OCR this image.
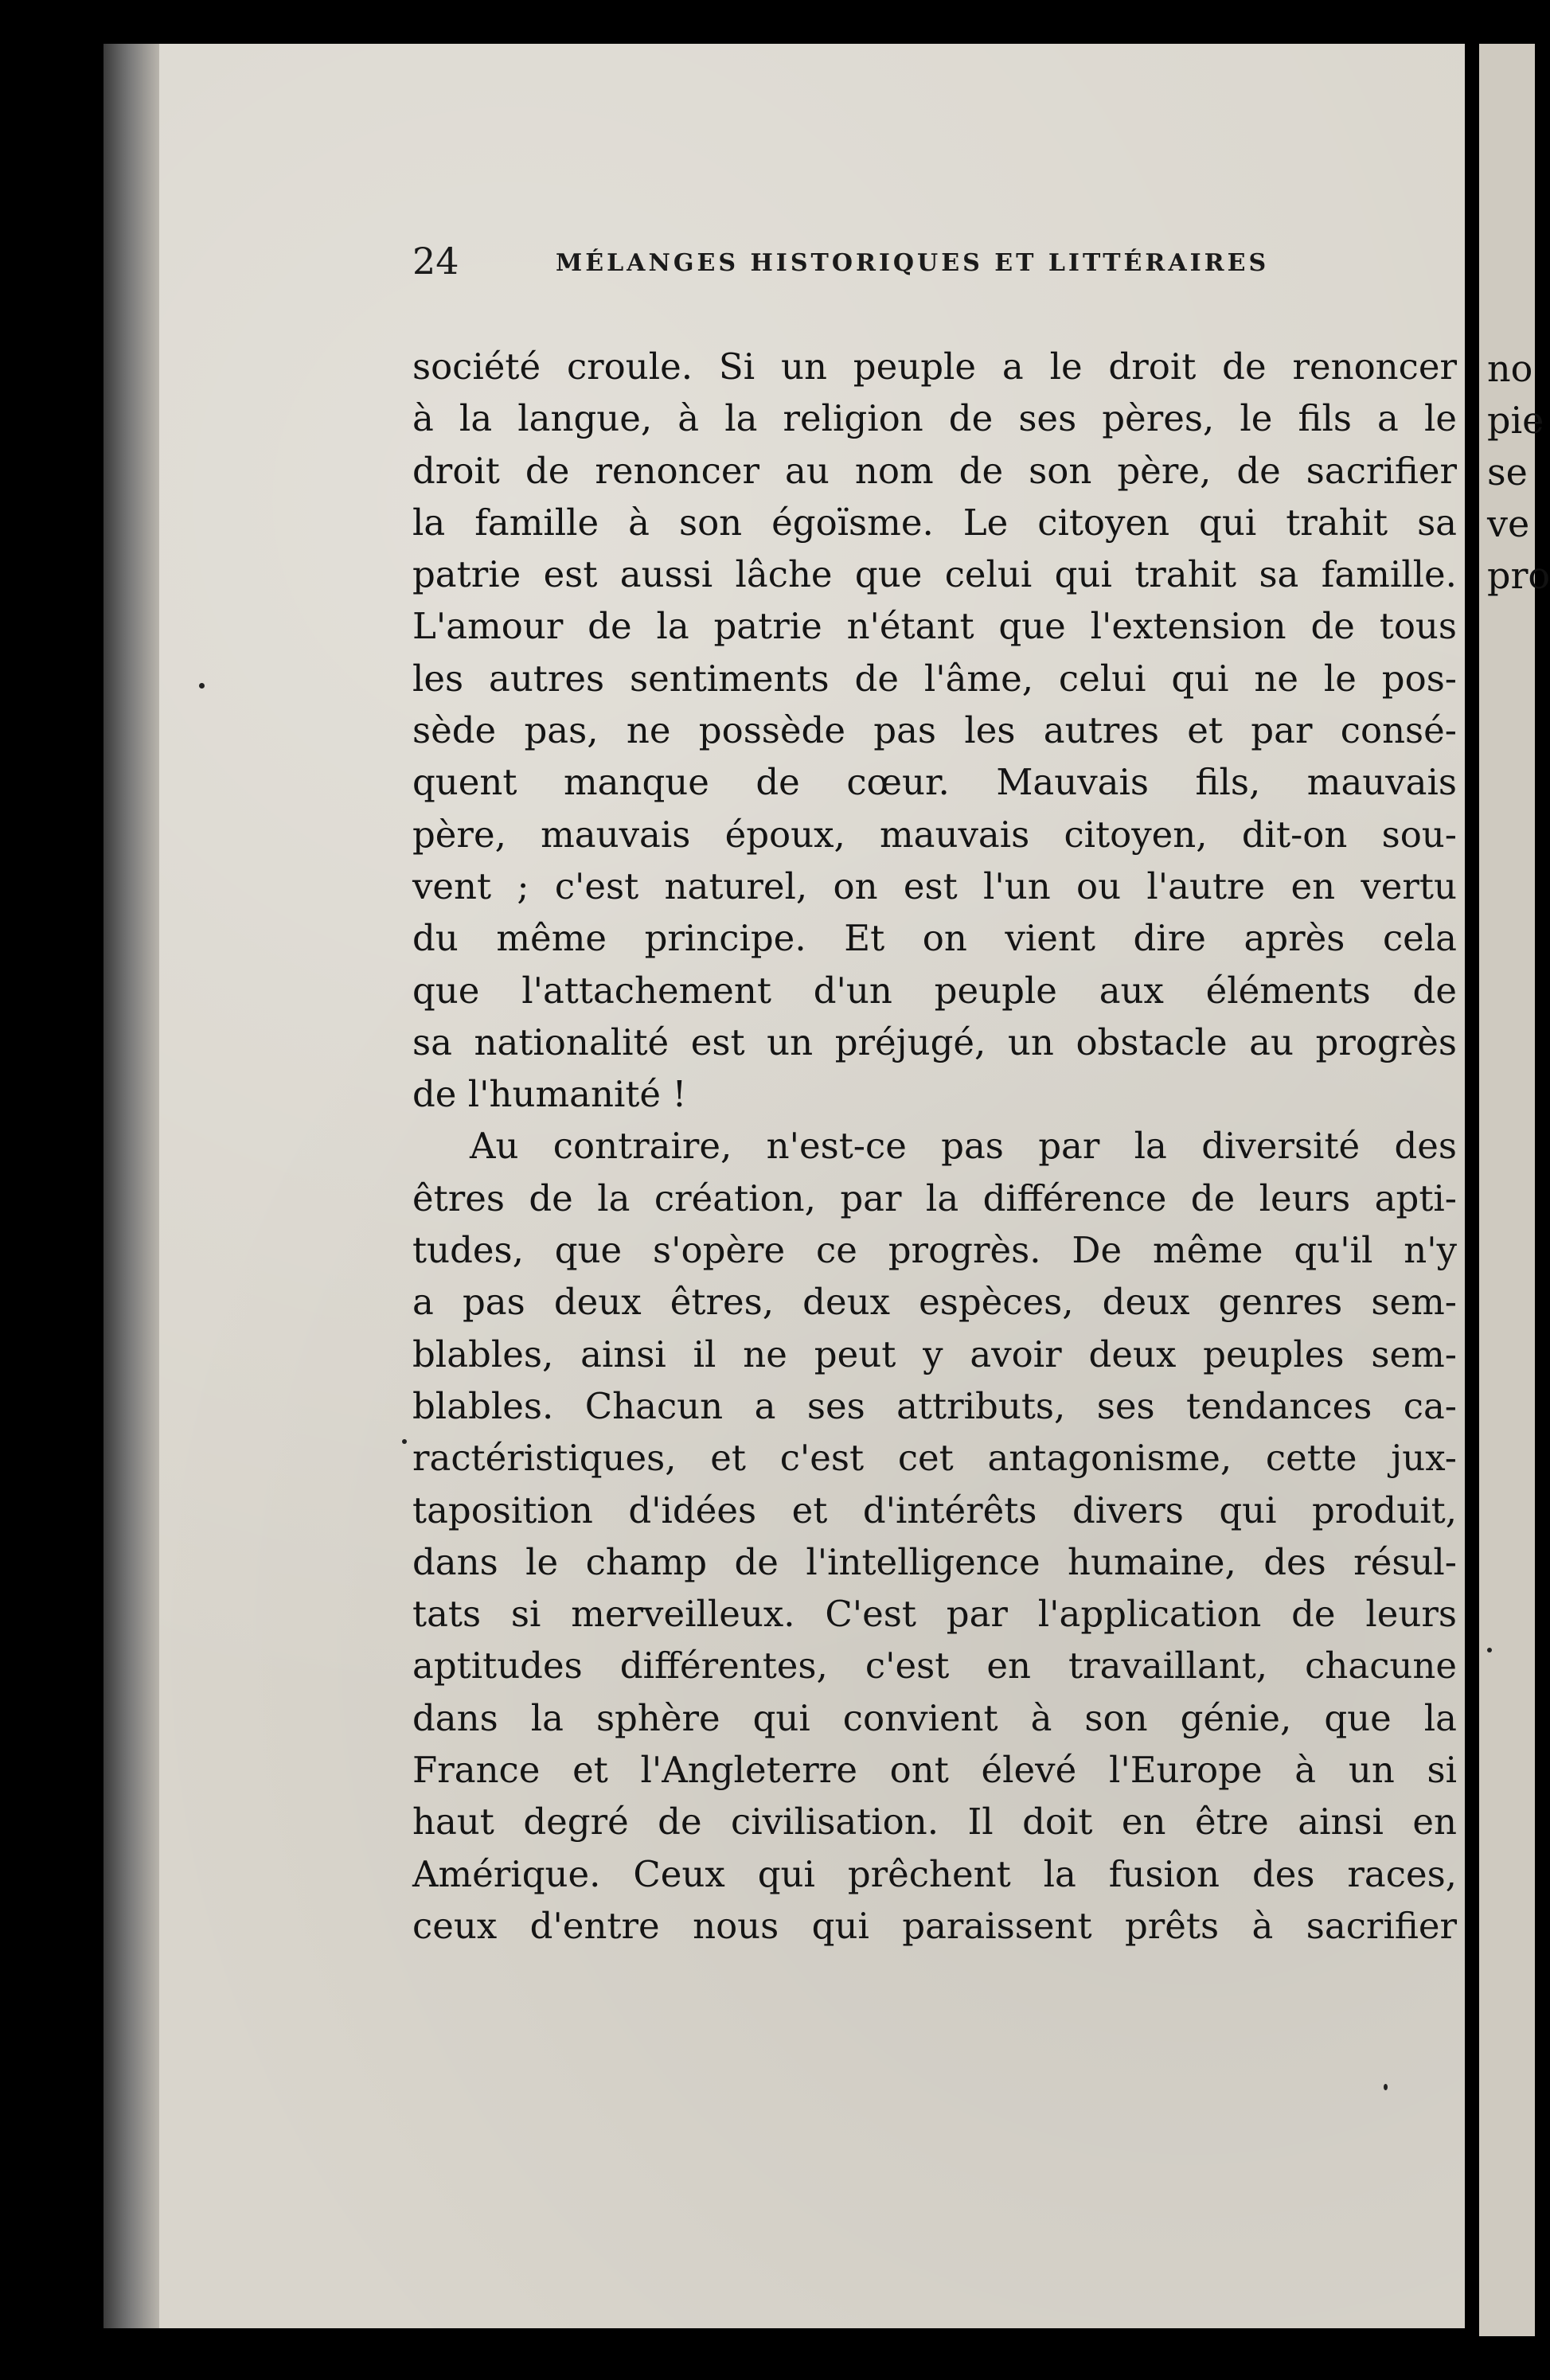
no
pie
se
ve
pro
24	MÉLANGES HISTORIQUES ET LITTÉRAIRES
société croule. Si un peuple a le droit de renoncer
à la langue, à la religion de ses pères, le fils a le
droit de renoncer au nom de son père, de sacrifier
la famille à son égoïsme. Le citoyen qui trahit sa
patrie est aussi lâche que celui qui trahit sa famille.
L'amour de la patrie n'étant que l'extension de tous
les autres sentiments de l'âme, celui qui ne le pos-
sède pas, ne possède pas les autres et par consé-
quent manque de cœur. Mauvais fils, mauvais
père, mauvais époux, mauvais citoyen, dit-on sou-
vent ; c'est naturel, on est l'un ou l'autre en vertu
du même principe. Et on vient dire après cela
que l'attachement d'un peuple aux éléments de
sa nationalité est un préjugé, un obstacle au progrès
de l'humanité !
Au contraire, n'est-ce pas par la diversité des
êtres de la création, par la différence de leurs apti-
tudes, que s'opère ce progrès. De même qu'il n'y
a pas deux êtres, deux espèces, deux genres sem-
blables, ainsi il ne peut y avoir deux peuples sem-
blables. Chacun a ses attributs, ses tendances ca-
ractéristiques, et c'est cet antagonisme, cette jux-
taposition d'idées et d'intérêts divers qui produit,
dans le champ de l'intelligence humaine, des résul-
tats si merveilleux. C'est par l'application de leurs
aptitudes différentes, c'est en travaillant, chacune
dans la sphère qui convient à son génie, que la
France et l'Angleterre ont élevé l'Europe à un si
haut degré de civilisation. Il doit en être ainsi en
Amérique. Ceux qui prêchent la fusion des races,
ceux d'entre nous qui paraissent prêts à sacrifier
